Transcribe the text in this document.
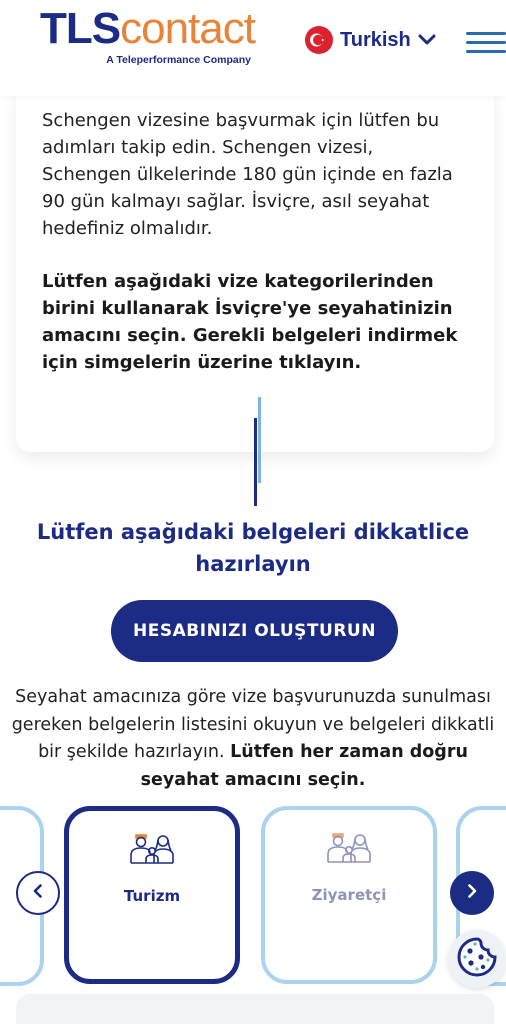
TLScontact
A Teleperformance Company
Turkish

Schengen vizesine başvurmak için lütfen bu adımları takip edin. Schengen vizesi, Schengen ülkelerinde 180 gün içinde en fazla 90 gün kalmayı sağlar. İsviçre, asıl seyahat hedefiniz olmalıdır.

Lütfen aşağıdaki vize kategorilerinden birini kullanarak İsviçre'ye seyahatinizin amacını seçin. Gerekli belgeleri indirmek için simgelerin üzerine tıklayın.

Lütfen aşağıdaki belgeleri dikkatlice hazırlayın
HESABINIZI OLUŞTURUN

Seyahat amacınıza göre vize başvurunuzda sunulması gereken belgelerin listesini okuyun ve belgeleri dikkatli bir şekilde hazırlayın. Lütfen her zaman doğru seyahat amacını seçin.

Turizm	Ziyaretçi
